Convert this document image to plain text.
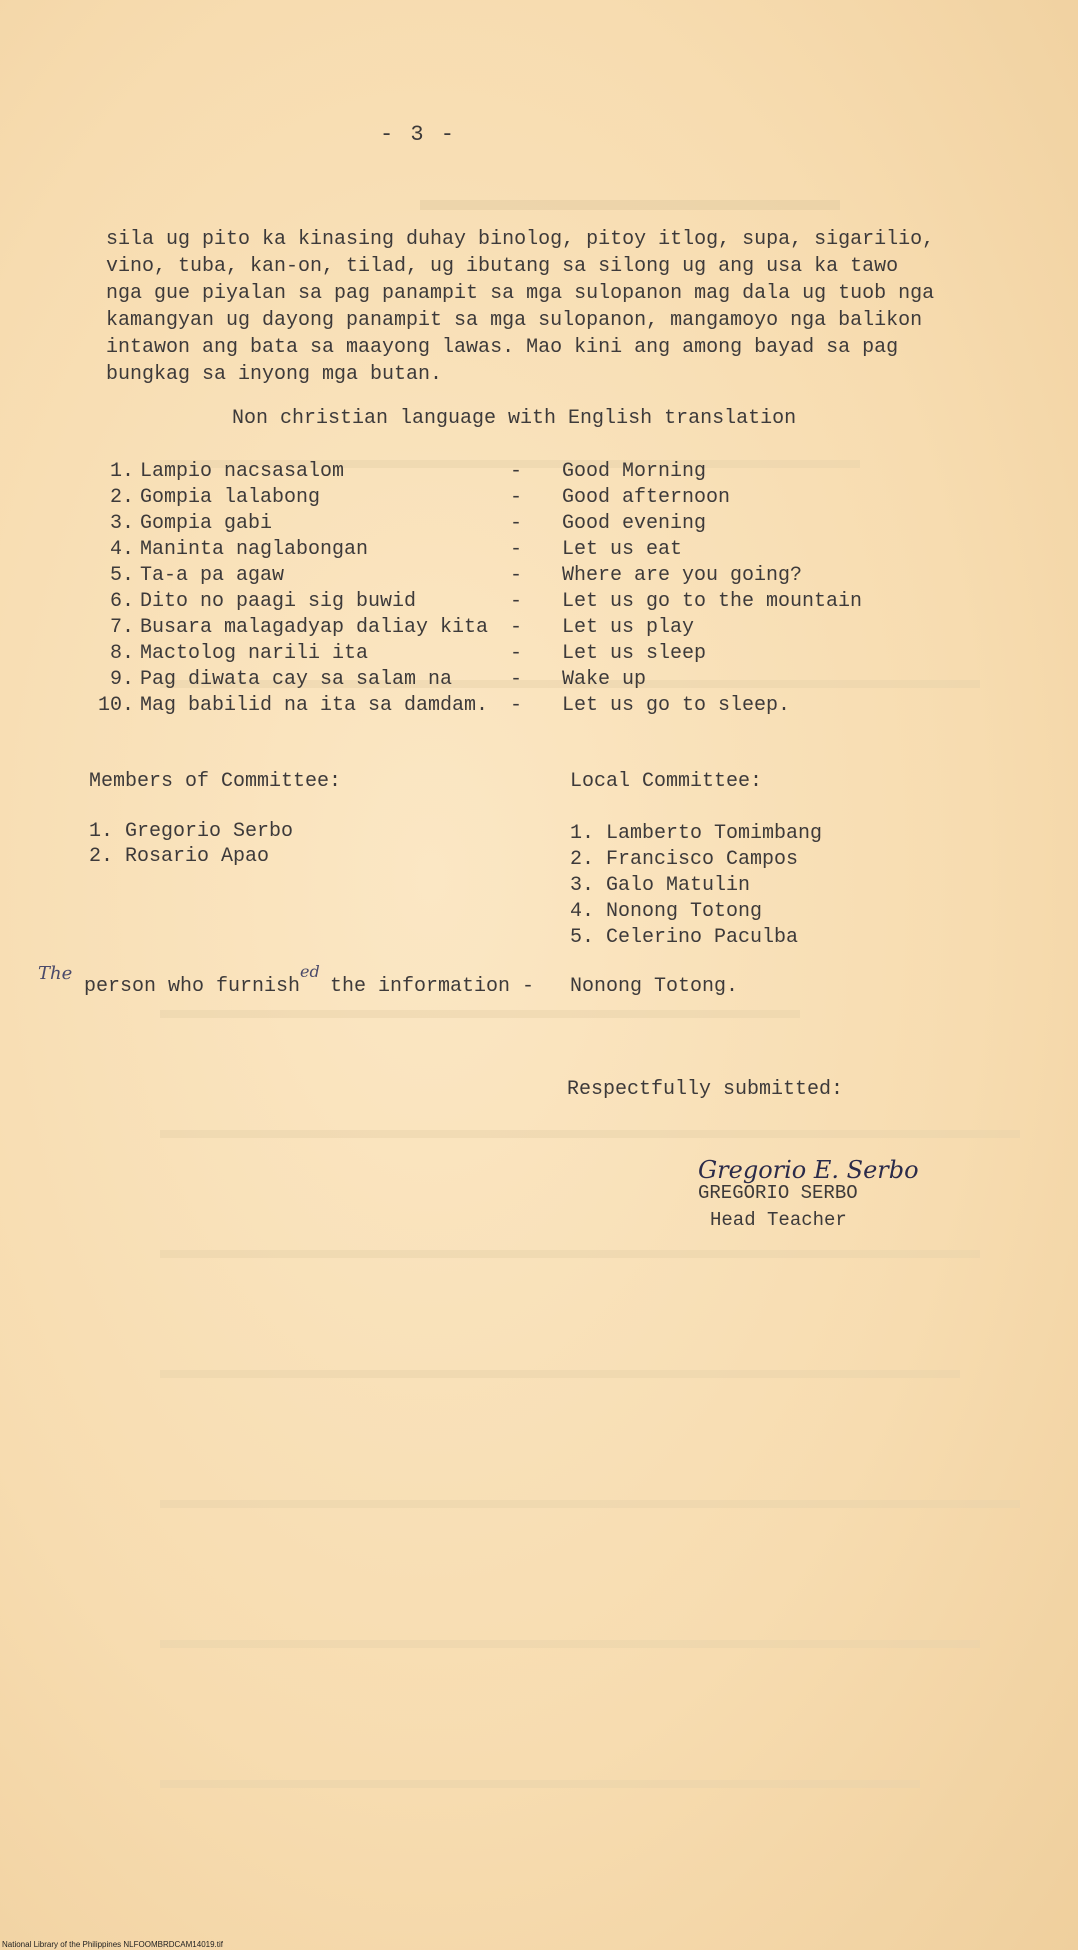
- 3 -
sila ug pito ka kinasing duhay binolog, pitoy itlog, supa, sigarilio,
vino, tuba, kan-on, tilad, ug ibutang sa silong ug ang usa ka tawo
nga gue piyalan sa pag panampit sa mga sulopanon mag dala ug tuob nga
kamangyan ug dayong panampit sa mga sulopanon, mangamoyo nga balikon
intawon ang bata sa maayong lawas. Mao kini ang among bayad sa pag
bungkag sa inyong mga butan.
Non christian language with English translation
1. Lampio nacsasalom	- Good Morning
2. Gompia lalabong	- Good afternoon
3. Gompia gabi	- Good evening
4. Maninta naglabongan	- Let us eat
5. Ta-a pa agaw	- Where are you going?
6. Dito no paagi sig buwid	- Let us go to the mountain
7. Busara malagadyap daliay kita - Let us play
8. Mactolog narili ita	- Let us sleep
9. Pag diwata cay sa salam na	- Wake up
10. Mag babilid na ita sa damdam. - Let us go to sleep.
Members of Committee:
1. Gregorio Serbo
2. Rosario Apao
Local Committee:
1. Lamberto Tomimbang
2. Francisco Campos
3. Galo Matulin
4. Nonong Totong
5. Celerino Paculba
The
person who furnish
ed
the information - Nonong Totong.
Respectfully submitted:
Gregorio E. Serbo
GREGORIO SERBO
Head Teacher
National Library of the Philippines NLFOOMBRDCAM14019.tif
